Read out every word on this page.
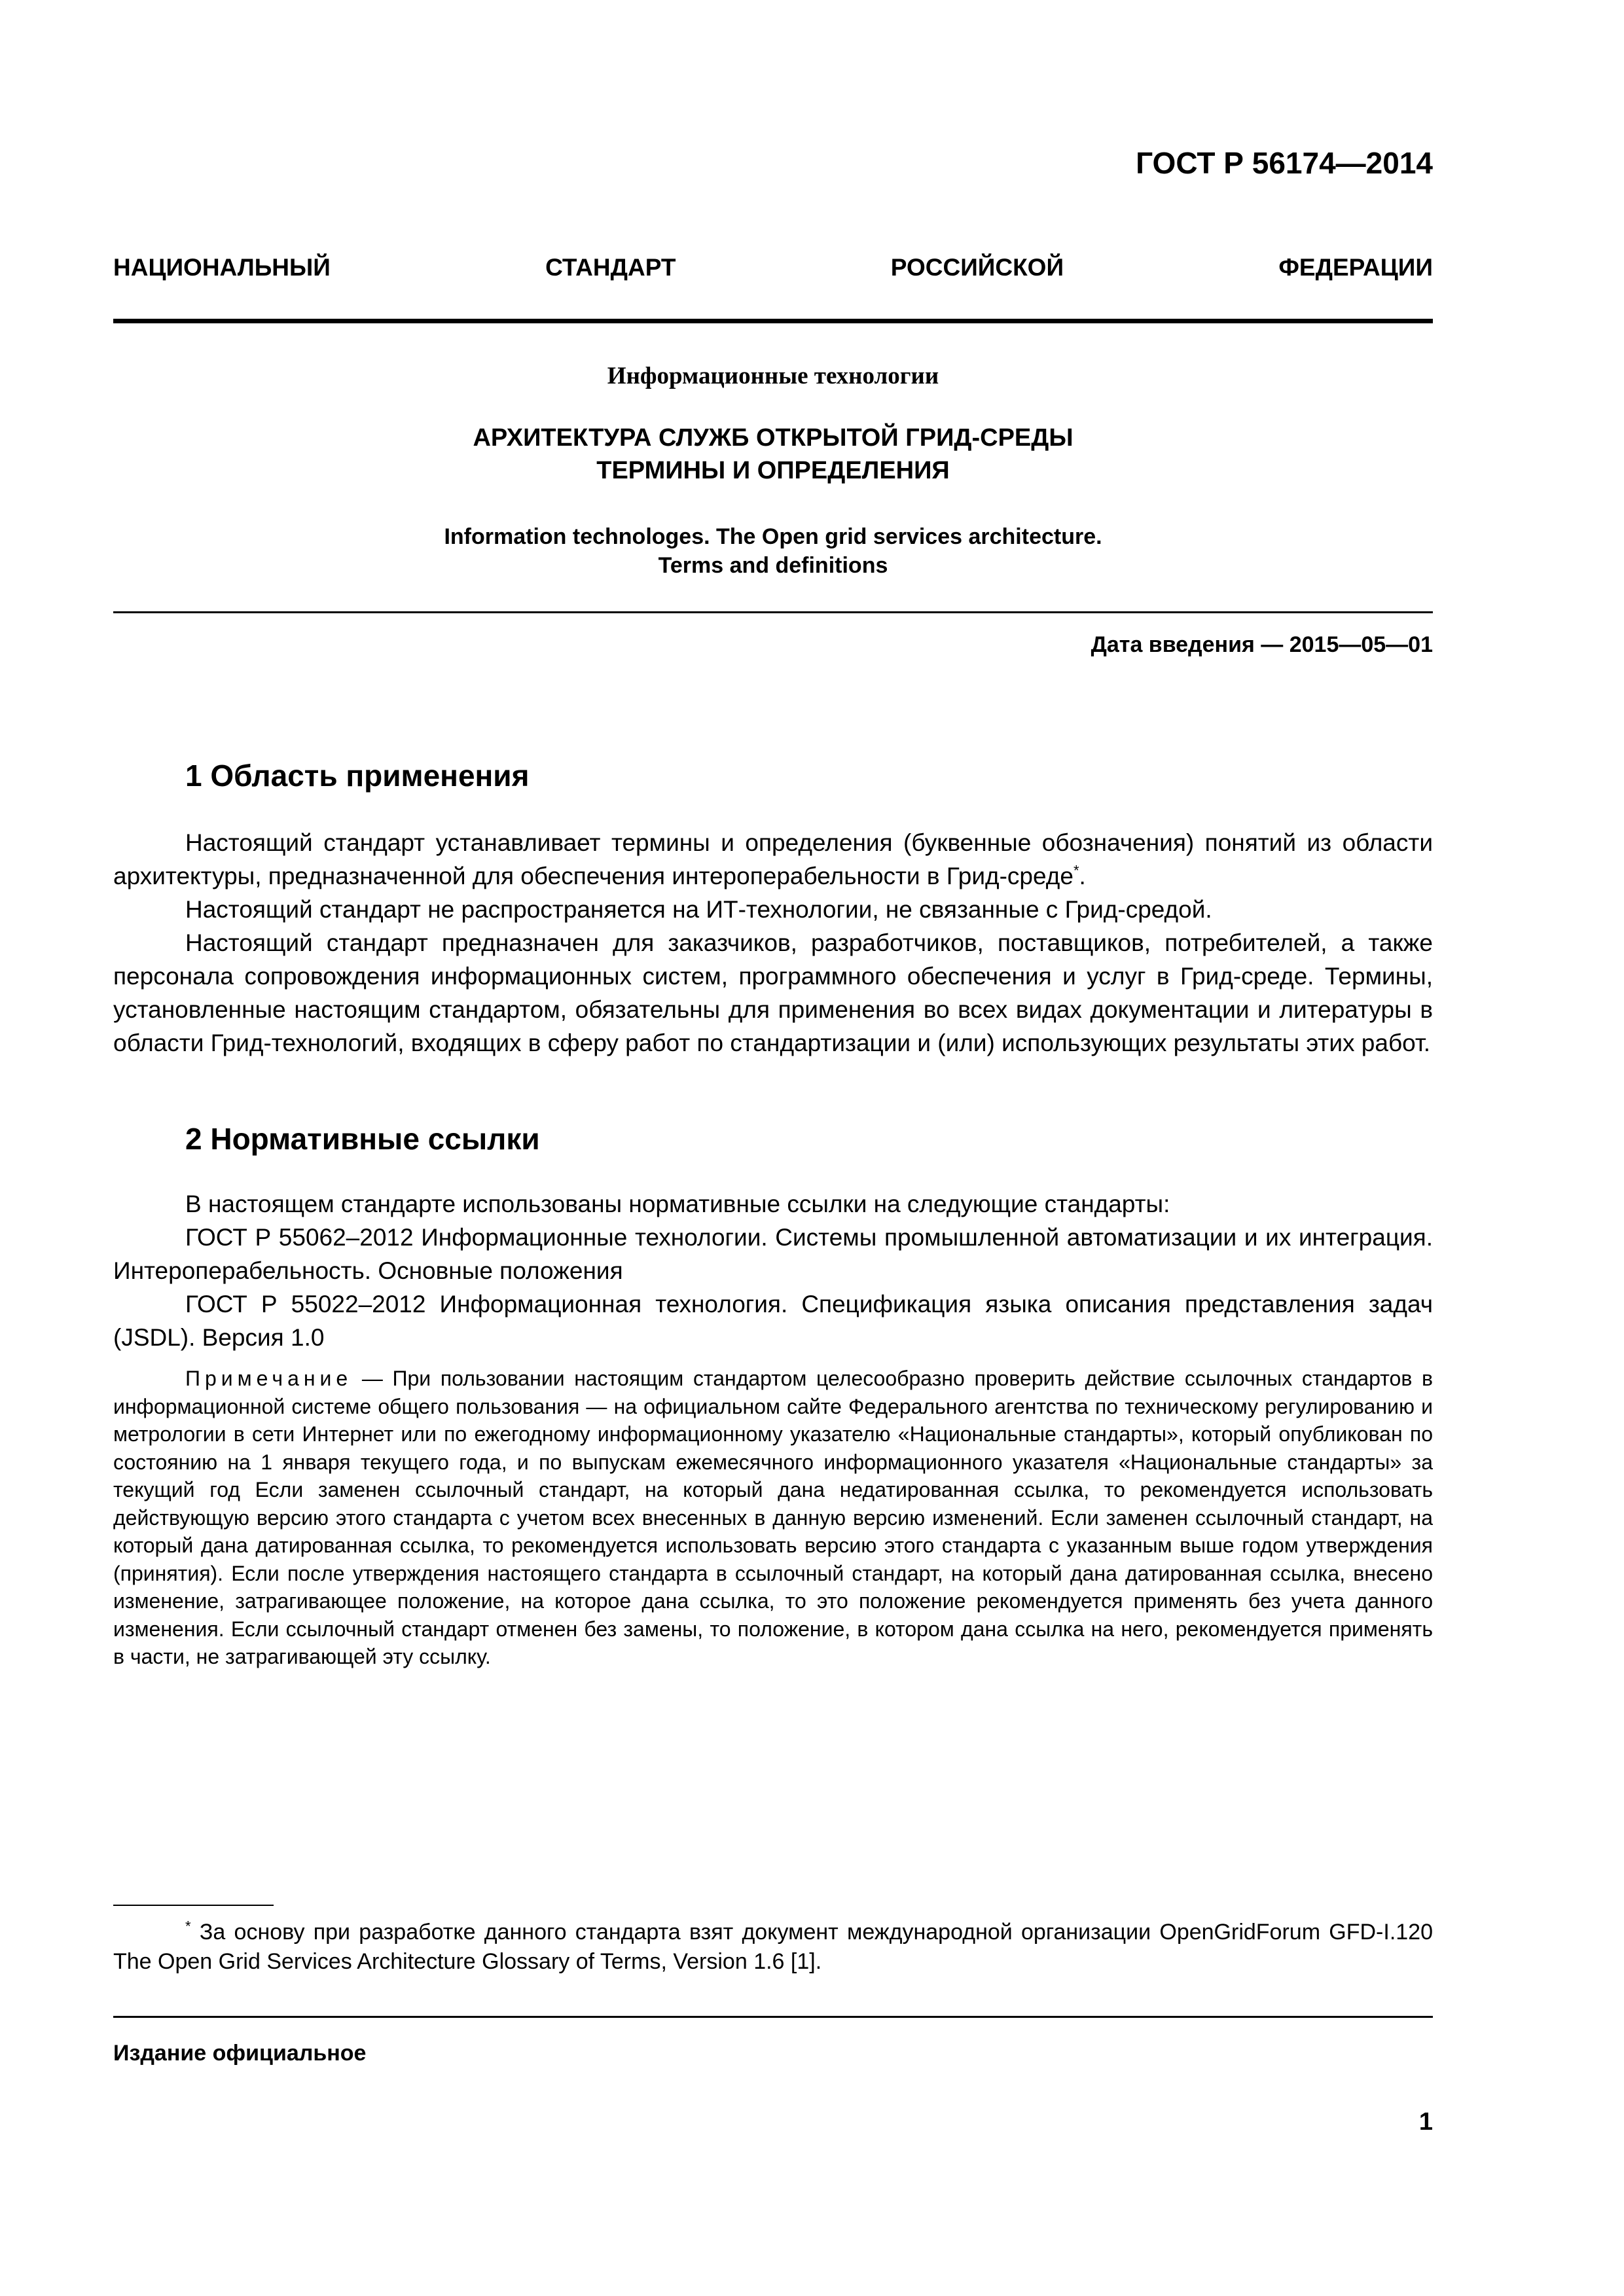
ГОСТ Р 56174—2014
НАЦИОНАЛЬНЫЙ СТАНДАРТ РОССИЙСКОЙ ФЕДЕРАЦИИ
Информационные технологии
АРХИТЕКТУРА СЛУЖБ ОТКРЫТОЙ ГРИД-СРЕДЫ
ТЕРМИНЫ И ОПРЕДЕЛЕНИЯ
Information technologes. The Open grid services architecture.
Terms and definitions
Дата введения — 2015—05—01
1 Область применения

Настоящий стандарт устанавливает термины и определения (буквенные обозначения) понятий из области архитектуры, предназначенной для обеспечения интероперабельности в Грид-среде*.

Настоящий стандарт не распространяется на ИТ-технологии, не связанные с Грид-средой.

Настоящий стандарт предназначен для заказчиков, разработчиков, поставщиков, потребителей, а также персонала сопровождения информационных систем, программного обеспечения и услуг в Грид-среде. Термины, установленные настоящим стандартом, обязательны для применения во всех видах документации и литературы в области Грид-технологий, входящих в сферу работ по стандартизации и (или) использующих результаты этих работ.

2 Нормативные ссылки

В настоящем стандарте использованы нормативные ссылки на следующие стандарты:

ГОСТ Р 55062–2012 Информационные технологии. Системы промышленной автоматизации и их интеграция. Интероперабельность. Основные положения

ГОСТ Р 55022–2012 Информационная технология. Спецификация языка описания представления задач (JSDL). Версия 1.0

Примечание — При пользовании настоящим стандартом целесообразно проверить действие ссылочных стандартов в информационной системе общего пользования — на официальном сайте Федерального агентства по техническому регулированию и метрологии в сети Интернет или по ежегодному информационному указателю «Национальные стандарты», который опубликован по состоянию на 1 января текущего года, и по выпускам ежемесячного информационного указателя «Национальные стандарты» за текущий год Если заменен ссылочный стандарт, на который дана недатированная ссылка, то рекомендуется использовать действующую версию этого стандарта с учетом всех внесенных в данную версию изменений. Если заменен ссылочный стандарт, на который дана датированная ссылка, то рекомендуется использовать версию этого стандарта с указанным выше годом утверждения (принятия). Если после утверждения настоящего стандарта в ссылочный стандарт, на который дана датированная ссылка, внесено изменение, затрагивающее положение, на которое дана ссылка, то это положение рекомендуется применять без учета данного изменения. Если ссылочный стандарт отменен без замены, то положение, в котором дана ссылка на него, рекомендуется применять в части, не затрагивающей эту ссылку.
* За основу при разработке данного стандарта взят документ международной организации OpenGridForum GFD-I.120 The Open Grid Services Architecture Glossary of Terms, Version 1.6 [1].
Издание официальное
1
